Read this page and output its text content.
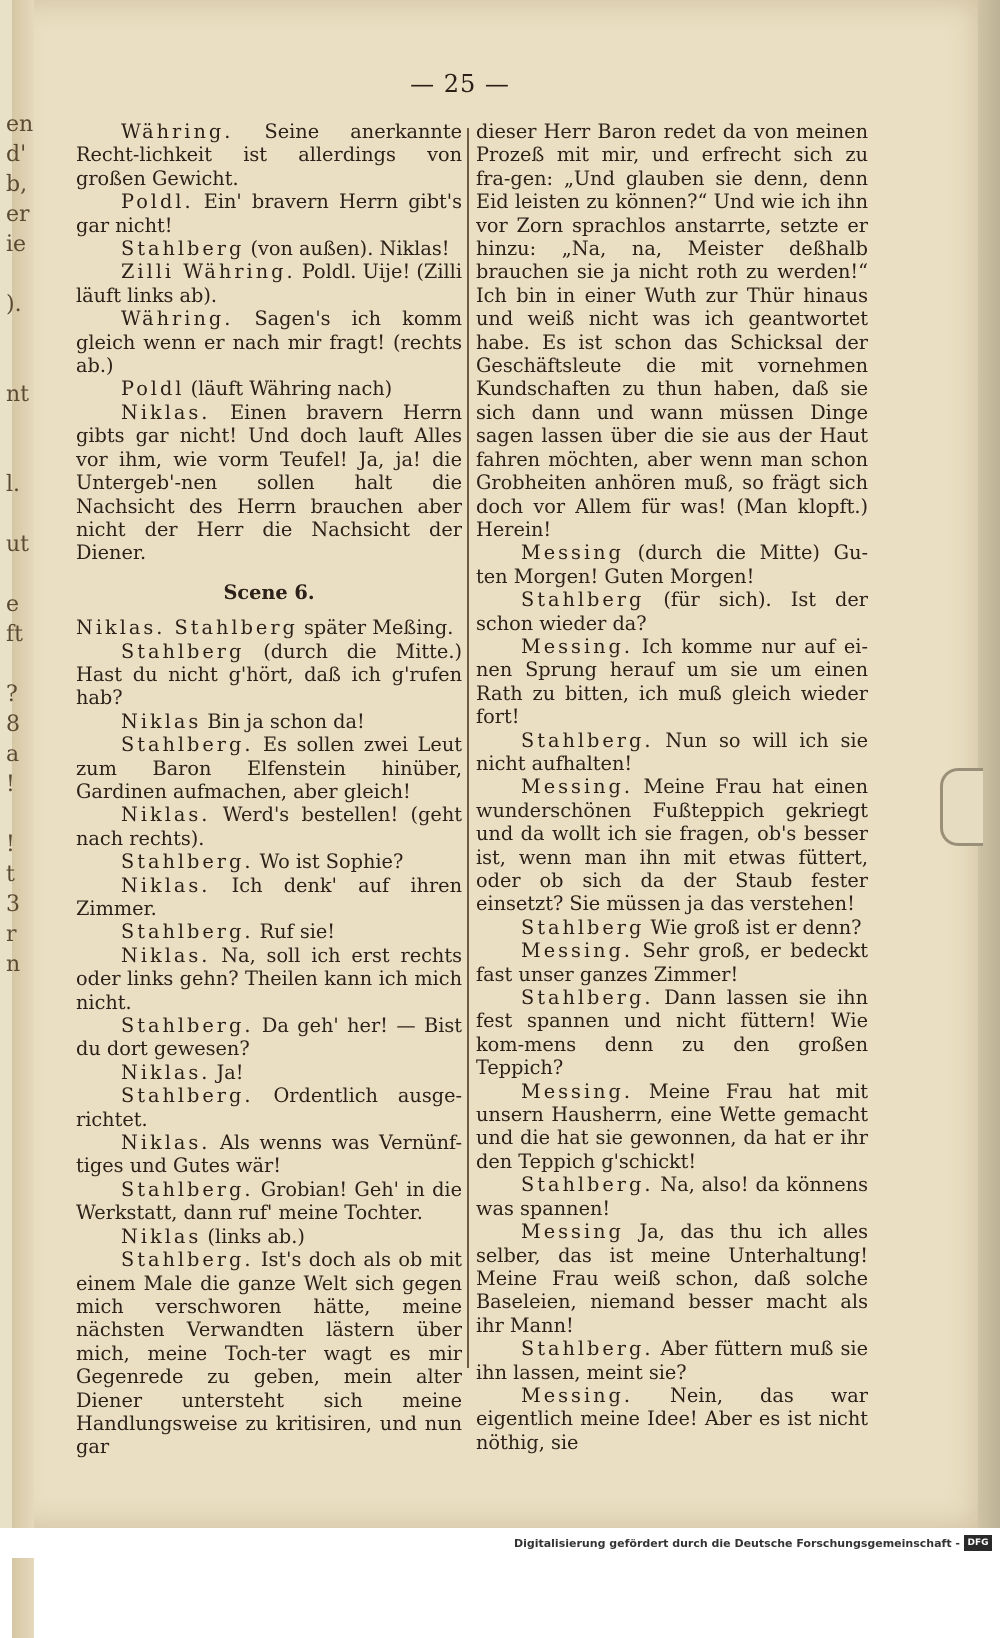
en
d'
b,
er
ie

).

nt

l.

ut

e
ft

?
8
a
!

!
t
3
r
n
— 25 —

Währing. Seine anerkannte Recht-lichkeit ist allerdings von großen Gewicht.

Poldl. Ein' bravern Herrn gibt's gar nicht!

Stahlberg (von außen). Niklas!

Zilli Währing. Poldl. Uije! (Zilli läuft links ab).

Währing. Sagen's ich komm gleich wenn er nach mir fragt! (rechts ab.)

Poldl (läuft Währing nach)

Niklas. Einen bravern Herrn gibts gar nicht! Und doch lauft Alles vor ihm, wie vorm Teufel! Ja, ja! die Untergeb'-nen sollen halt die Nachsicht des Herrn brauchen aber nicht der Herr die Nachsicht der Diener.

Scene 6.

Niklas. Stahlberg später Meßing.

Stahlberg (durch die Mitte.) Hast du nicht g'hört, daß ich g'rufen hab?

Niklas Bin ja schon da!

Stahlberg. Es sollen zwei Leut zum Baron Elfenstein hinüber, Gardinen aufmachen, aber gleich!

Niklas. Werd's bestellen! (geht nach rechts).

Stahlberg. Wo ist Sophie?

Niklas. Ich denk' auf ihren Zimmer.

Stahlberg. Ruf sie!

Niklas. Na, soll ich erst rechts oder links gehn? Theilen kann ich mich nicht.

Stahlberg. Da geh' her! — Bist du dort gewesen?

Niklas. Ja!

Stahlberg. Ordentlich ausge-richtet.

Niklas. Als wenns was Vernünf-tiges und Gutes wär!

Stahlberg. Grobian! Geh' in die Werkstatt, dann ruf' meine Tochter.

Niklas (links ab.)

Stahlberg. Ist's doch als ob mit einem Male die ganze Welt sich gegen mich verschworen hätte, meine nächsten Verwandten lästern über mich, meine Toch-ter wagt es mir Gegenrede zu geben, mein alter Diener untersteht sich meine Handlungsweise zu kritisiren, und nun gar

dieser Herr Baron redet da von meinen Prozeß mit mir, und erfrecht sich zu fra-gen: „Und glauben sie denn, denn Eid leisten zu können?“ Und wie ich ihn vor Zorn sprachlos anstarrte, setzte er hinzu: „Na, na, Meister deßhalb brauchen sie ja nicht roth zu werden!“ Ich bin in einer Wuth zur Thür hinaus und weiß nicht was ich geantwortet habe. Es ist schon das Schicksal der Geschäftsleute die mit vornehmen Kundschaften zu thun haben, daß sie sich dann und wann müssen Dinge sagen lassen über die sie aus der Haut fahren möchten, aber wenn man schon Grobheiten anhören muß, so frägt sich doch vor Allem für was! (Man klopft.) Herein!

Messing (durch die Mitte) Gu-ten Morgen! Guten Morgen!

Stahlberg (für sich). Ist der schon wieder da?

Messing. Ich komme nur auf ei-nen Sprung herauf um sie um einen Rath zu bitten, ich muß gleich wieder fort!

Stahlberg. Nun so will ich sie nicht aufhalten!

Messing. Meine Frau hat einen wunderschönen Fußteppich gekriegt und da wollt ich sie fragen, ob's besser ist, wenn man ihn mit etwas füttert, oder ob sich da der Staub fester einsetzt? Sie müssen ja das verstehen!

Stahlberg Wie groß ist er denn?

Messing. Sehr groß, er bedeckt fast unser ganzes Zimmer!

Stahlberg. Dann lassen sie ihn fest spannen und nicht füttern! Wie kom-mens denn zu den großen Teppich?

Messing. Meine Frau hat mit unsern Hausherrn, eine Wette gemacht und die hat sie gewonnen, da hat er ihr den Teppich g'schickt!

Stahlberg. Na, also! da könnens was spannen!

Messing Ja, das thu ich alles selber, das ist meine Unterhaltung! Meine Frau weiß schon, daß solche Baseleien, niemand besser macht als ihr Mann!

Stahlberg. Aber füttern muß sie ihn lassen, meint sie?

Messing. Nein, das war eigentlich meine Idee! Aber es ist nicht nöthig, sie

Digitalisierung gefördert durch die Deutsche Forschungsgemeinschaft - DFG
